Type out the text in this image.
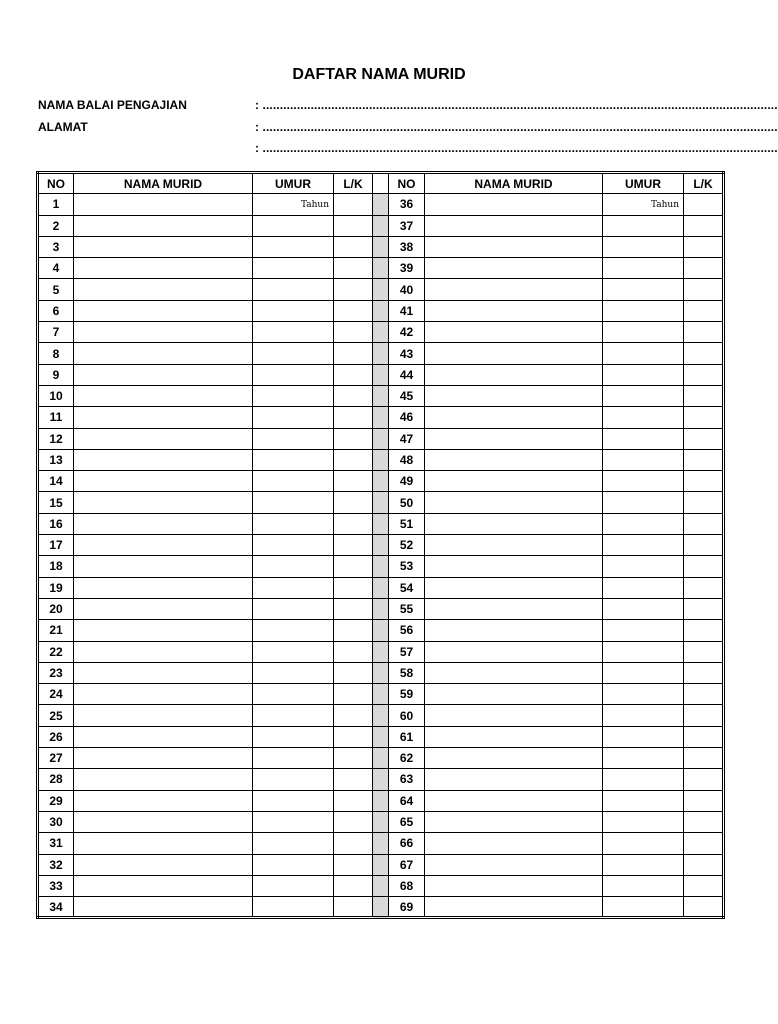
DAFTAR NAMA MURID
NAMA BALAI PENGAJIAN	: ......................................................................................................................................................
ALAMAT	: ......................................................................................................................................................
: ......................................................................................................................................................
NO	NAMA MURID	UMUR	L/K		NO	NAMA MURID	UMUR	L/K
1		Tahun			36		Tahun	
2					37			
3					38			
4					39			
5					40			
6					41			
7					42			
8					43			
9					44			
10					45			
11					46			
12					47			
13					48			
14					49			
15					50			
16					51			
17					52			
18					53			
19					54			
20					55			
21					56			
22					57			
23					58			
24					59			
25					60			
26					61			
27					62			
28					63			
29					64			
30					65			
31					66			
32					67			
33					68			
34					69			
